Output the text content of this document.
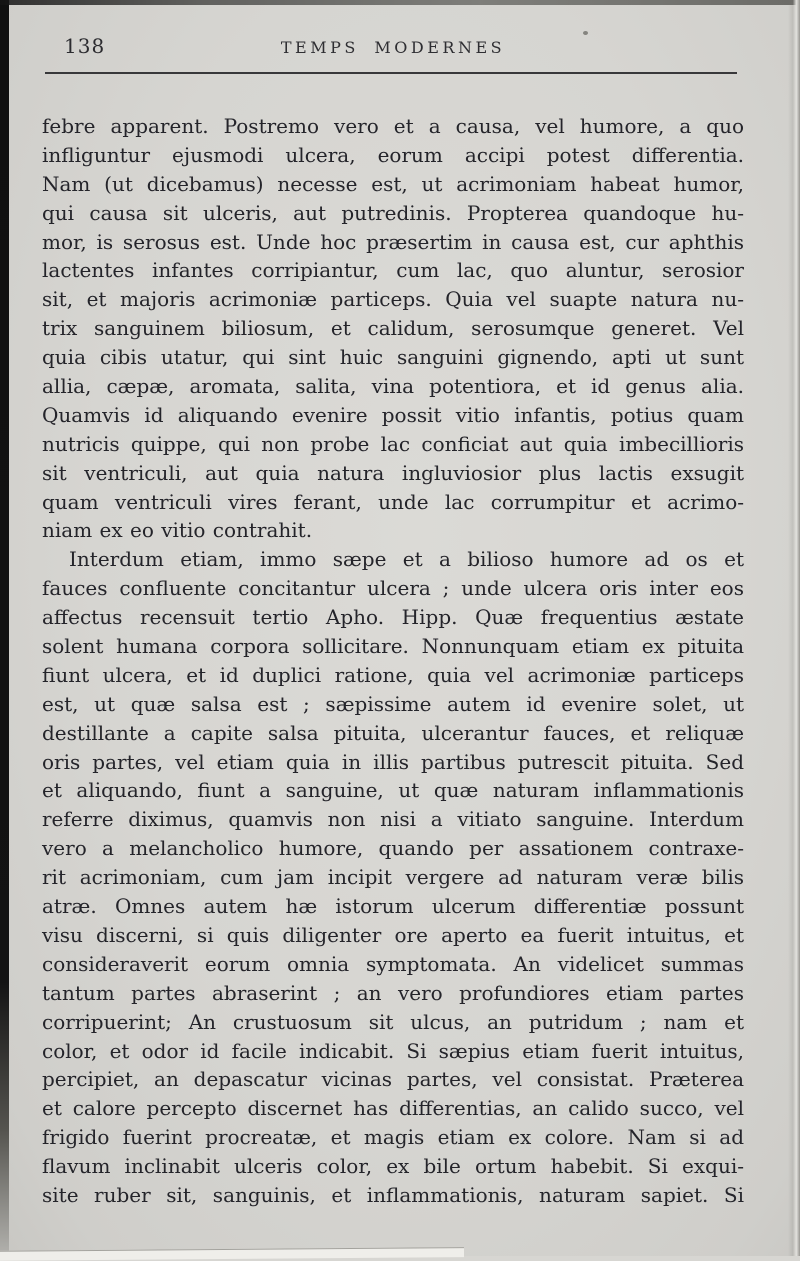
138	TEMPS MODERNES
febre apparent. Postremo vero et a causa, vel humore, a quo
infliguntur ejusmodi ulcera, eorum accipi potest differentia.
Nam (ut dicebamus) necesse est, ut acrimoniam habeat humor,
qui causa sit ulceris, aut putredinis. Propterea quandoque hu-
mor, is serosus est. Unde hoc præsertim in causa est, cur aphthis
lactentes infantes corripiantur, cum lac, quo aluntur, serosior
sit, et majoris acrimoniæ particeps. Quia vel suapte natura nu-
trix sanguinem biliosum, et calidum, serosumque generet. Vel
quia cibis utatur, qui sint huic sanguini gignendo, apti ut sunt
allia, cæpæ, aromata, salita, vina potentiora, et id genus alia.
Quamvis id aliquando evenire possit vitio infantis, potius quam
nutricis quippe, qui non probe lac conficiat aut quia imbecillioris
sit ventriculi, aut quia natura ingluviosior plus lactis exsugit
quam ventriculi vires ferant, unde lac corrumpitur et acrimo-
niam ex eo vitio contrahit.
Interdum etiam, immo sæpe et a bilioso humore ad os et
fauces confluente concitantur ulcera ; unde ulcera oris inter eos
affectus recensuit tertio Apho. Hipp. Quæ frequentius æstate
solent humana corpora sollicitare. Nonnunquam etiam ex pituita
fiunt ulcera, et id duplici ratione, quia vel acrimoniæ particeps
est, ut quæ salsa est ; sæpissime autem id evenire solet, ut
destillante a capite salsa pituita, ulcerantur fauces, et reliquæ
oris partes, vel etiam quia in illis partibus putrescit pituita. Sed
et aliquando, fiunt a sanguine, ut quæ naturam inflammationis
referre diximus, quamvis non nisi a vitiato sanguine. Interdum
vero a melancholico humore, quando per assationem contraxe-
rit acrimoniam, cum jam incipit vergere ad naturam veræ bilis
atræ. Omnes autem hæ istorum ulcerum differentiæ possunt
visu discerni, si quis diligenter ore aperto ea fuerit intuitus, et
consideraverit eorum omnia symptomata. An videlicet summas
tantum partes abraserint ; an vero profundiores etiam partes
corripuerint; An crustuosum sit ulcus, an putridum ; nam et
color, et odor id facile indicabit. Si sæpius etiam fuerit intuitus,
percipiet, an depascatur vicinas partes, vel consistat. Præterea
et calore percepto discernet has differentias, an calido succo, vel
frigido fuerint procreatæ, et magis etiam ex colore. Nam si ad
flavum inclinabit ulceris color, ex bile ortum habebit. Si exqui-
site ruber sit, sanguinis, et inflammationis, naturam sapiet. Si
